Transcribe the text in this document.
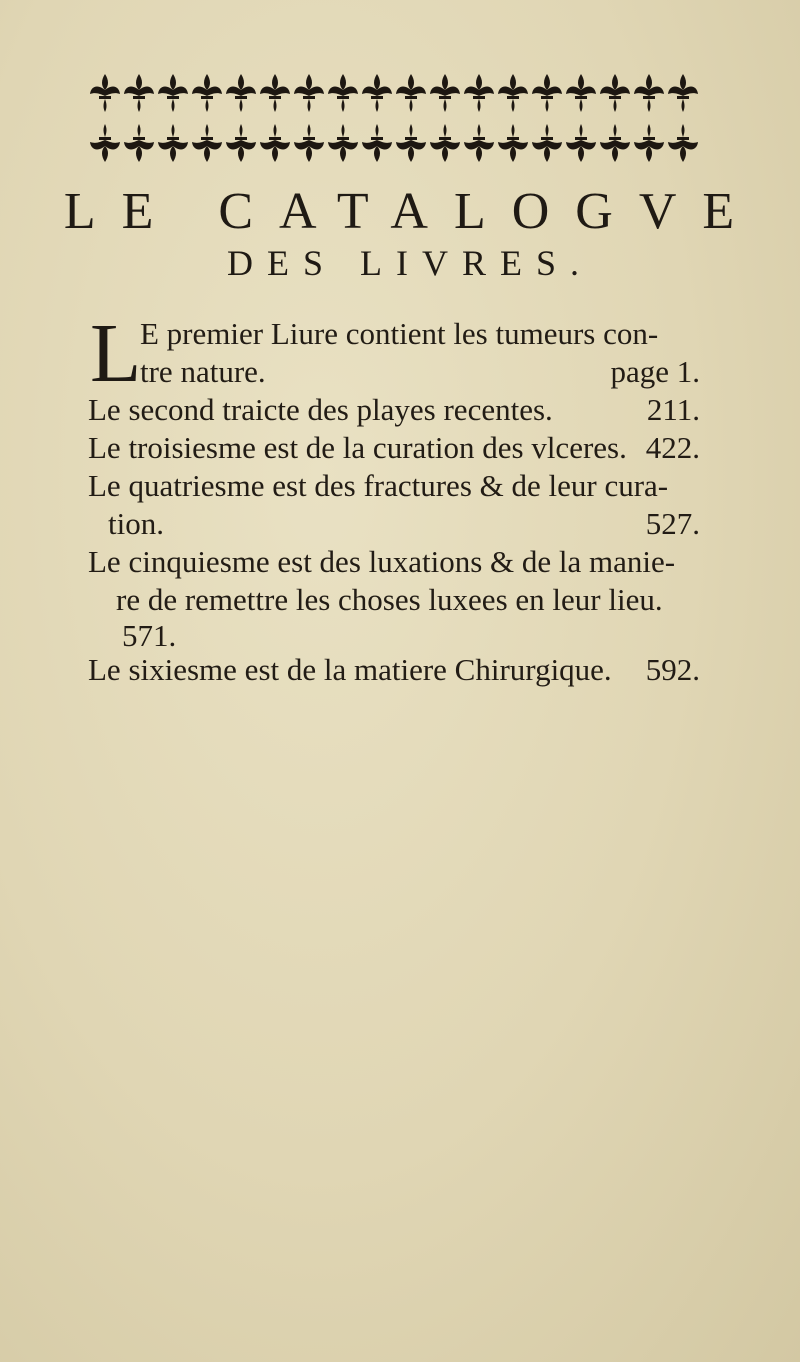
LE CATALOGVE
DES LIVRES.
L
E premier Liure contient les tumeurs con-
tre nature.	page 1.
Le second traicte des playes recentes.	211.
Le troisiesme est de la curation des vlceres. 422.
Le quatriesme est des fractures & de leur cura-
tion.	527.
Le cinquiesme est des luxations & de la manie-
re de remettre les choses luxees en leur lieu.
571.
Le sixiesme est de la matiere Chirurgique. 592.
